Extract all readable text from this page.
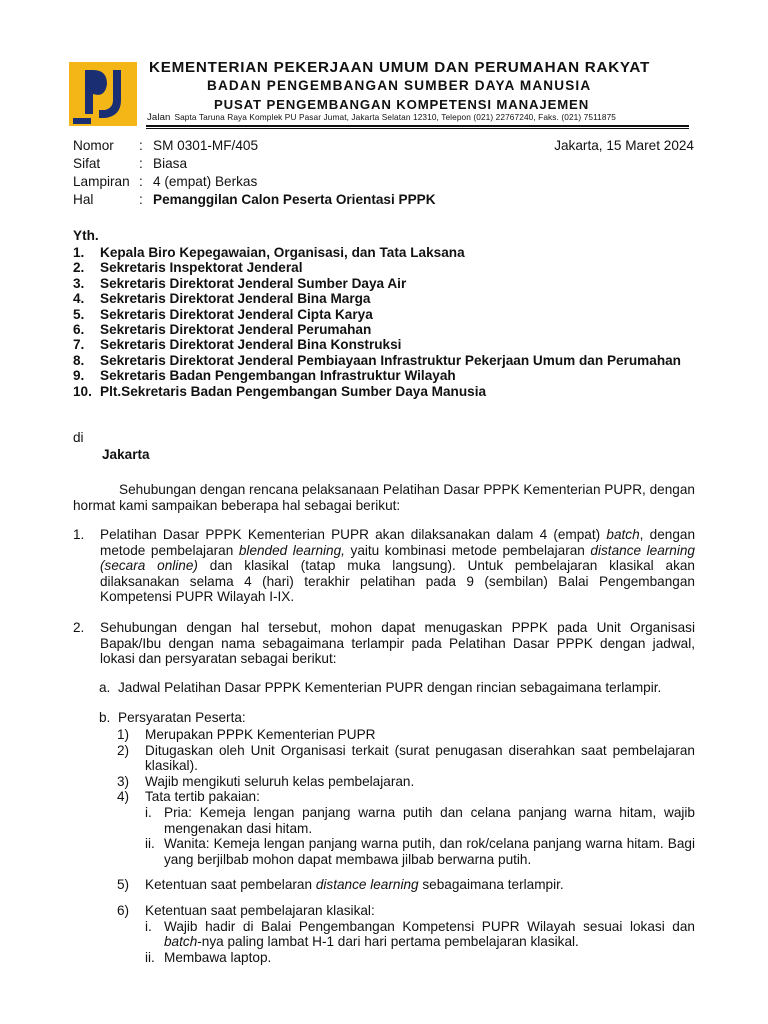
KEMENTERIAN PEKERJAAN UMUM DAN PERUMAHAN RAKYAT
BADAN PENGEMBANGAN SUMBER DAYA MANUSIA
PUSAT PENGEMBANGAN KOMPETENSI MANAJEMEN
Jalan Sapta Taruna Raya Komplek PU Pasar Jumat, Jakarta Selatan 12310, Telepon (021) 22767240, Faks. (021) 7511875
Nomor : SM 0301-MF/405
Sifat	: Biasa
Lampiran : 4 (empat) Berkas
Hal	: Pemanggilan Calon Peserta Orientasi PPPK
Jakarta, 15 Maret 2024
Yth.
1.	Kepala Biro Kepegawaian, Organisasi, dan Tata Laksana
2.	Sekretaris Inspektorat Jenderal
3.	Sekretaris Direktorat Jenderal Sumber Daya Air
4.	Sekretaris Direktorat Jenderal Bina Marga
5.	Sekretaris Direktorat Jenderal Cipta Karya
6.	Sekretaris Direktorat Jenderal Perumahan
7.	Sekretaris Direktorat Jenderal Bina Konstruksi
8.	Sekretaris Direktorat Jenderal Pembiayaan Infrastruktur Pekerjaan Umum dan Perumahan
9.	Sekretaris Badan Pengembangan Infrastruktur Wilayah
10. Plt.Sekretaris Badan Pengembangan Sumber Daya Manusia
di
Jakarta
Sehubungan dengan rencana pelaksanaan Pelatihan Dasar PPPK Kementerian PUPR, dengan hormat kami sampaikan beberapa hal sebagai berikut:
1.	Pelatihan Dasar PPPK Kementerian PUPR akan dilaksanakan dalam 4 (empat) batch, dengan metode pembelajaran blended learning, yaitu kombinasi metode pembelajaran distance learning (secara online) dan klasikal (tatap muka langsung). Untuk pembelajaran klasikal akan dilaksanakan selama 4 (hari) terakhir pelatihan pada 9 (sembilan) Balai Pengembangan Kompetensi PUPR Wilayah I-IX.
2.	Sehubungan dengan hal tersebut, mohon dapat menugaskan PPPK pada Unit Organisasi Bapak/Ibu dengan nama sebagaimana terlampir pada Pelatihan Dasar PPPK dengan jadwal, lokasi dan persyaratan sebagai berikut:
a. Jadwal Pelatihan Dasar PPPK Kementerian PUPR dengan rincian sebagaimana terlampir.
b. Persyaratan Peserta:
1)	Merupakan PPPK Kementerian PUPR
2)	Ditugaskan oleh Unit Organisasi terkait (surat penugasan diserahkan saat pembelajaran klasikal).
3)	Wajib mengikuti seluruh kelas pembelajaran.
4)	Tata tertib pakaian:
i. Pria: Kemeja lengan panjang warna putih dan celana panjang warna hitam, wajib mengenakan dasi hitam.
ii. Wanita: Kemeja lengan panjang warna putih, dan rok/celana panjang warna hitam. Bagi yang berjilbab mohon dapat membawa jilbab berwarna putih.
5)	Ketentuan saat pembelaran distance learning sebagaimana terlampir.
6)	Ketentuan saat pembelajaran klasikal:
i. Wajib hadir di Balai Pengembangan Kompetensi PUPR Wilayah sesuai lokasi dan batch-nya paling lambat H-1 dari hari pertama pembelajaran klasikal.
ii. Membawa laptop.
